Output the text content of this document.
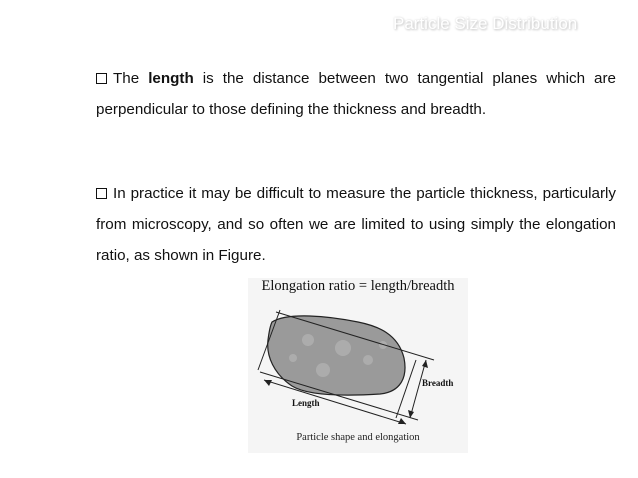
Particle Size Distribution
The length is the distance between two tangential planes which are perpendicular to those defining the thickness and breadth.
In practice it may be difficult to measure the particle thickness, particularly from microscopy, and so often we are limited to using simply the elongation ratio, as shown in Figure.
Elongation ratio = length/breadth
Length
Breadth
Particle shape and elongation
